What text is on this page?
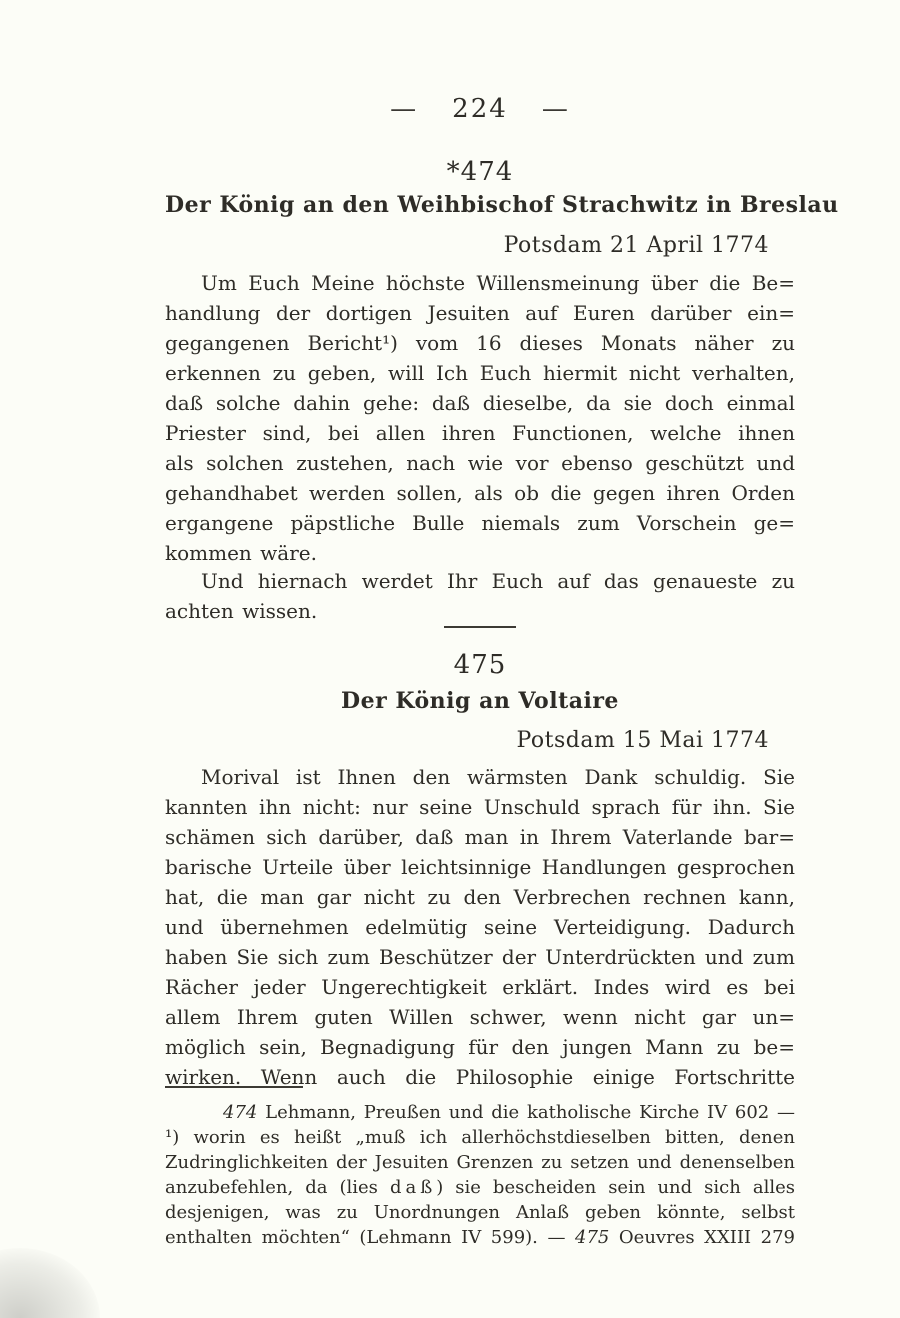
— 224 —
*474
Der König an den Weihbischof Strachwitz in Breslau
Potsdam 21 April 1774
Um Euch Meine höchste Willensmeinung über die Be=
handlung der dortigen Jesuiten auf Euren darüber ein=
gegangenen Bericht¹) vom 16 dieses Monats näher zu
erkennen zu geben, will Ich Euch hiermit nicht verhalten,
daß solche dahin gehe: daß dieselbe, da sie doch einmal
Priester sind, bei allen ihren Functionen, welche ihnen
als solchen zustehen, nach wie vor ebenso geschützt und
gehandhabet werden sollen, als ob die gegen ihren Orden
ergangene päpstliche Bulle niemals zum Vorschein ge=
kommen wäre.
Und hiernach werdet Ihr Euch auf das genaueste zu
achten wissen.
475
Der König an Voltaire
Potsdam 15 Mai 1774
Morival ist Ihnen den wärmsten Dank schuldig. Sie
kannten ihn nicht: nur seine Unschuld sprach für ihn. Sie
schämen sich darüber, daß man in Ihrem Vaterlande bar=
barische Urteile über leichtsinnige Handlungen gesprochen
hat, die man gar nicht zu den Verbrechen rechnen kann,
und übernehmen edelmütig seine Verteidigung. Dadurch
haben Sie sich zum Beschützer der Unterdrückten und zum
Rächer jeder Ungerechtigkeit erklärt. Indes wird es bei
allem Ihrem guten Willen schwer, wenn nicht gar un=
möglich sein, Begnadigung für den jungen Mann zu be=
wirken. Wenn auch die Philosophie einige Fortschritte
474 Lehmann, Preußen und die katholische Kirche IV 602 —
¹) worin es heißt „muß ich allerhöchstdieselben bitten, denen
Zudringlichkeiten der Jesuiten Grenzen zu setzen und denenselben
anzubefehlen, da (lies daß) sie bescheiden sein und sich alles
desjenigen, was zu Unordnungen Anlaß geben könnte, selbst
enthalten möchten“ (Lehmann IV 599). — 475 Oeuvres XXIII 279
